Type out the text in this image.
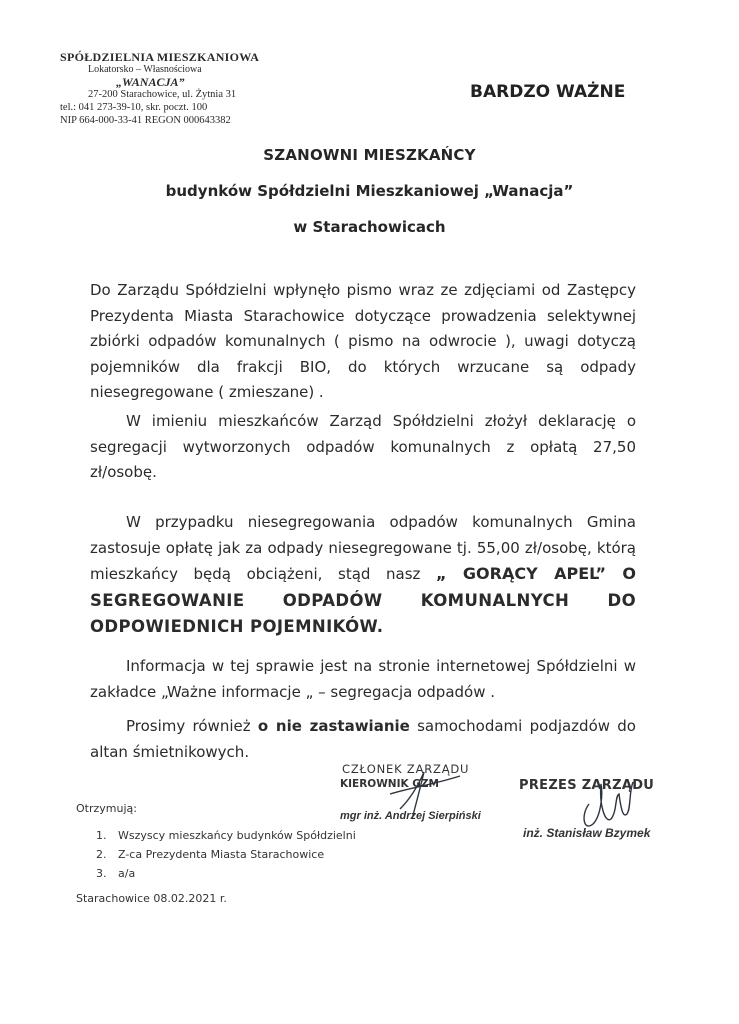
SPÓŁDZIELNIA MIESZKANIOWA
Lokatorsko – Własnościowa
„WANACJA”
27-200 Starachowice, ul. Żytnia 31
tel.: 041 273-39-10, skr. poczt. 100
NIP 664-000-33-41 REGON 000643382
BARDZO WAŻNE
SZANOWNI MIESZKAŃCY
budynków Spółdzielni Mieszkaniowej „Wanacja”
w Starachowicach
Do Zarządu Spółdzielni wpłynęło pismo wraz ze zdjęciami od Zastępcy Prezydenta Miasta Starachowice dotyczące prowadzenia selektywnej zbiórki odpadów komunalnych ( pismo na odwrocie ), uwagi dotyczą pojemników dla frakcji BIO, do których wrzucane są odpady niesegregowane ( zmieszane) .
W imieniu mieszkańców Zarząd Spółdzielni złożył deklarację o segregacji wytworzonych odpadów komunalnych z opłatą 27,50 zł/osobę.
W przypadku niesegregowania odpadów komunalnych Gmina zastosuje opłatę jak za odpady niesegregowane tj. 55,00 zł/osobę, którą mieszkańcy będą obciążeni, stąd nasz „ GORĄCY APEL” O SEGREGOWANIE ODPADÓW KOMUNALNYCH DO ODPOWIEDNICH POJEMNIKÓW.
Informacja w tej sprawie jest na stronie internetowej Spółdzielni w zakładce „Ważne informacje „ – segregacja odpadów .
Prosimy również o nie zastawianie samochodami podjazdów do altan śmietnikowych.
CZŁONEK ZARZĄDU
KIEROWNIK GZM
mgr inż. Andrzej Sierpiński
PREZES ZARZĄDU
inż. Stanisław Bzymek
Otrzymują:
1. Wszyscy mieszkańcy budynków Spółdzielni
2. Z-ca Prezydenta Miasta Starachowice
3. a/a
Starachowice 08.02.2021 r.
